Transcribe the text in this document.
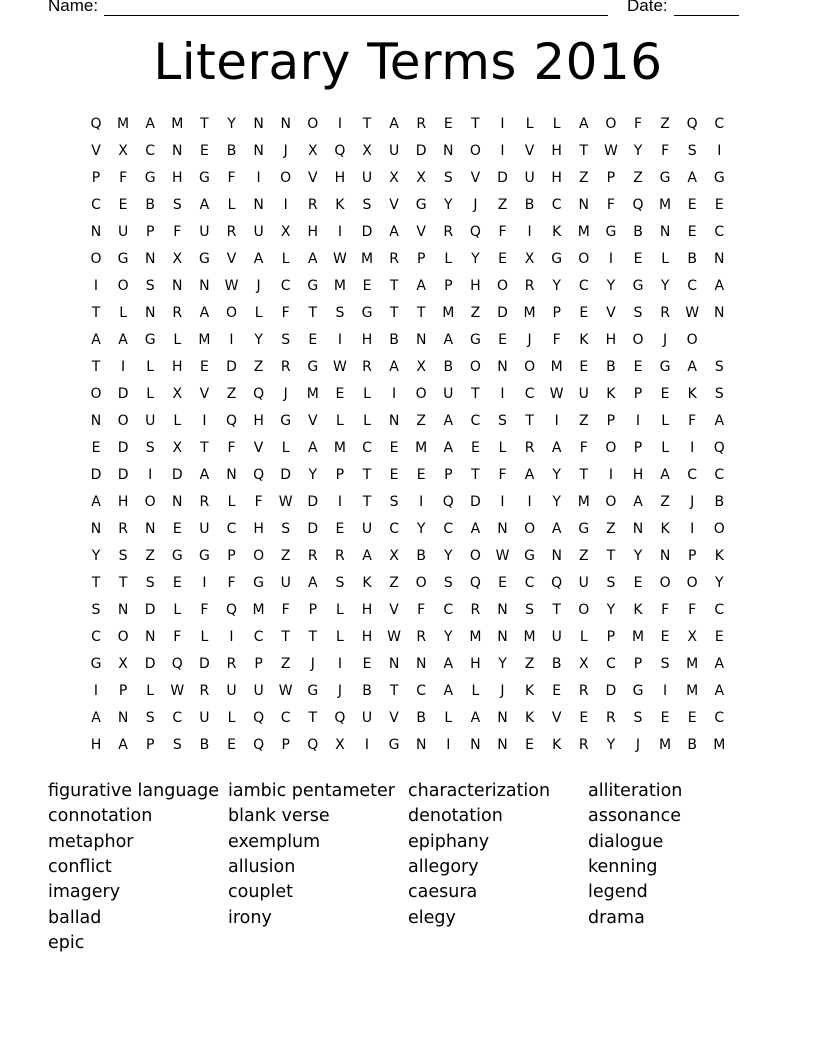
Name:	Date:
Literary Terms 2016
Q	M	A	M	T	Y	N	N	O	I	T	A	R	E	T	I	L	L	A	O	F	Z	Q	C
V	X	C	N	E	B	N	J	X	Q	X	U	D	N	O	I	V	H	T	W	Y	F	S	I
P	F	G	H	G	F	I	O	V	H	U	X	X	S	V	D	U	H	Z	P	Z	G	A	G
C	E	B	S	A	L	N	I	R	K	S	V	G	Y	J	Z	B	C	N	F	Q	M	E	E
N	U	P	F	U	R	U	X	H	I	D	A	V	R	Q	F	I	K	M	G	B	N	E	C
O	G	N	X	G	V	A	L	A	W	M	R	P	L	Y	E	X	G	O	I	E	L	B	N
I	O	S	N	N	W	J	C	G	M	E	T	A	P	H	O	R	Y	C	Y	G	Y	C	A
T	L	N	R	A	O	L	F	T	S	G	T	T	M	Z	D	M	P	E	V	S	R	W	N
A	A	G	L	M	I	Y	S	E	I	H	B	N	A	G	E	J	F	K	H	O	J	O
T	I	L	H	E	D	Z	R	G	W	R	A	X	B	O	N	O	M	E	B	E	G	A	S
O	D	L	X	V	Z	Q	J	M	E	L	I	O	U	T	I	C	W	U	K	P	E	K	S
N	O	U	L	I	Q	H	G	V	L	L	N	Z	A	C	S	T	I	Z	P	I	L	F	A
E	D	S	X	T	F	V	L	A	M	C	E	M	A	E	L	R	A	F	O	P	L	I	Q
D	D	I	D	A	N	Q	D	Y	P	T	E	E	P	T	F	A	Y	T	I	H	A	C	C
A	H	O	N	R	L	F	W	D	I	T	S	I	Q	D	I	I	Y	M	O	A	Z	J	B
N	R	N	E	U	C	H	S	D	E	U	C	Y	C	A	N	O	A	G	Z	N	K	I	O
Y	S	Z	G	G	P	O	Z	R	R	A	X	B	Y	O	W	G	N	Z	T	Y	N	P	K
T	T	S	E	I	F	G	U	A	S	K	Z	O	S	Q	E	C	Q	U	S	E	O	O	Y
S	N	D	L	F	Q	M	F	P	L	H	V	F	C	R	N	S	T	O	Y	K	F	F	C
C	O	N	F	L	I	C	T	T	L	H	W	R	Y	M	N	M	U	L	P	M	E	X	E
G	X	D	Q	D	R	P	Z	J	I	E	N	N	A	H	Y	Z	B	X	C	P	S	M	A
I	P	L	W	R	U	U	W	G	J	B	T	C	A	L	J	K	E	R	D	G	I	M	A
A	N	S	C	U	L	Q	C	T	Q	U	V	B	L	A	N	K	V	E	R	S	E	E	C
H	A	P	S	B	E	Q	P	Q	X	I	G	N	I	N	N	E	K	R	Y	J	M	B	M
figurative language
connotation
metaphor
conflict
imagery
ballad
epic
iambic pentameter
blank verse
exemplum
allusion
couplet
irony
characterization
denotation
epiphany
allegory
caesura
elegy
alliteration
assonance
dialogue
kenning
legend
drama
